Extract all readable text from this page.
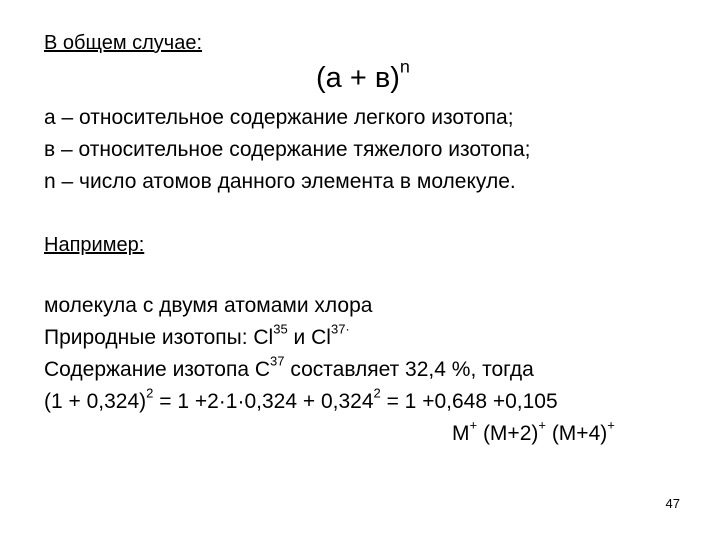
В общем случае:
$(а + в)^n$
а – относительное содержание легкого изотопа;
в – относительное содержание тяжелого изотопа;
n – число атомов данного элемента в молекуле.
Например:
молекула с двумя атомами хлора
Природные изотопы: Cl$^{35}$ и $Cl^{37\cdot}$
Содержание изотопа $C^{37}$ составляет 32,4 %, тогда
$(1 + 0,324)^2 = 1 +2\cdot 1\cdot 0,324 + 0,324^2 = 1 +0,648 +0,105$
M+ (M+2)+ (M+4)+
47
